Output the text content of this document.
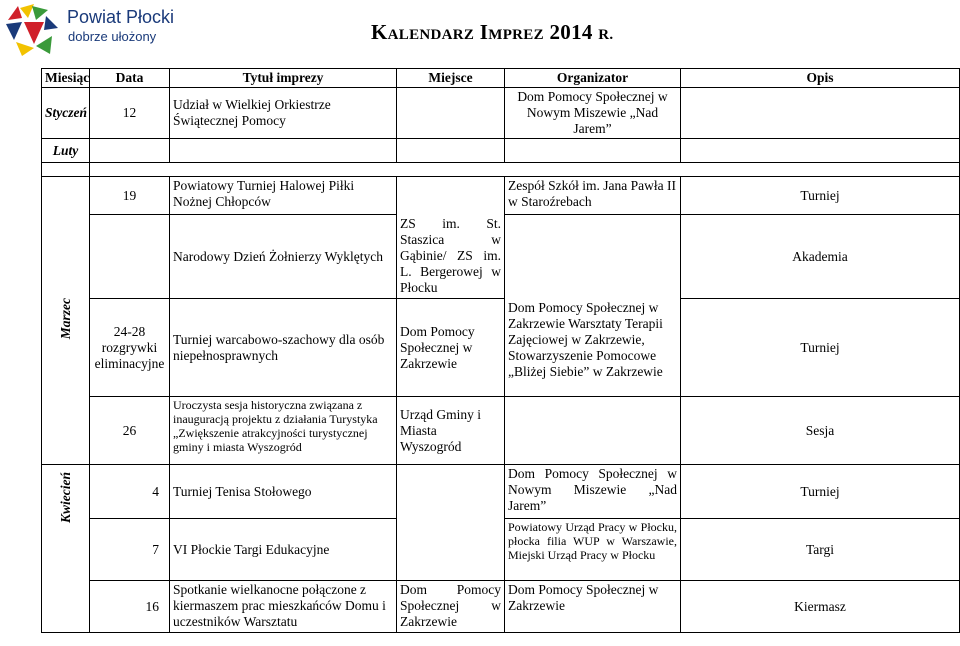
Powiat Płocki
dobrze ułożony	KALENDARZ IMPREZ 2014 R.
Miesiąc	Data	Tytuł imprezy	Miejsce	Organizator	Opis
Styczeń	12	Udział w Wielkiej Orkiestrze Świątecznej Pomocy		Dom Pomocy Społecznej w Nowym Miszewie „Nad Jarem”	
Luty					

Marzec	19	Powiatowy Turniej Halowej Piłki Nożnej Chłopców		Zespół Szkół im. Jana Pawła II w Staroźrebach	Turniej
		Narodowy Dzień Żołnierzy Wyklętych	ZS im. St. Staszica w Gąbinie/ ZS im. L. Bergerowej w Płocku		Akademia
	24-28 rozgrywki eliminacyjne	Turniej warcabowo-szachowy dla osób niepełnosprawnych	Dom Pomocy Społecznej w Zakrzewie	Dom Pomocy Społecznej w Zakrzewie Warsztaty Terapii Zajęciowej w Zakrzewie, Stowarzyszenie Pomocowe „Bliżej Siebie” w Zakrzewie	Turniej
	26	Uroczysta sesja historyczna związana z inauguracją projektu z działania Turystyka „Zwiększenie atrakcyjności turystycznej gminy i miasta Wyszogród	Urząd Gminy i Miasta Wyszogród		Sesja
Kwiecień	4	Turniej Tenisa Stołowego		Dom Pomocy Społecznej w Nowym Miszewie „Nad Jarem”	Turniej
	7	VI Płockie Targi Edukacyjne		Powiatowy Urząd Pracy w Płocku, płocka filia WUP w Warszawie, Miejski Urząd Pracy w Płocku	Targi
	16	Spotkanie wielkanocne połączone z kiermaszem prac mieszkańców Domu i uczestników Warsztatu	Dom Pomocy Społecznej w Zakrzewie	Dom Pomocy Społecznej w Zakrzewie	Kiermasz
